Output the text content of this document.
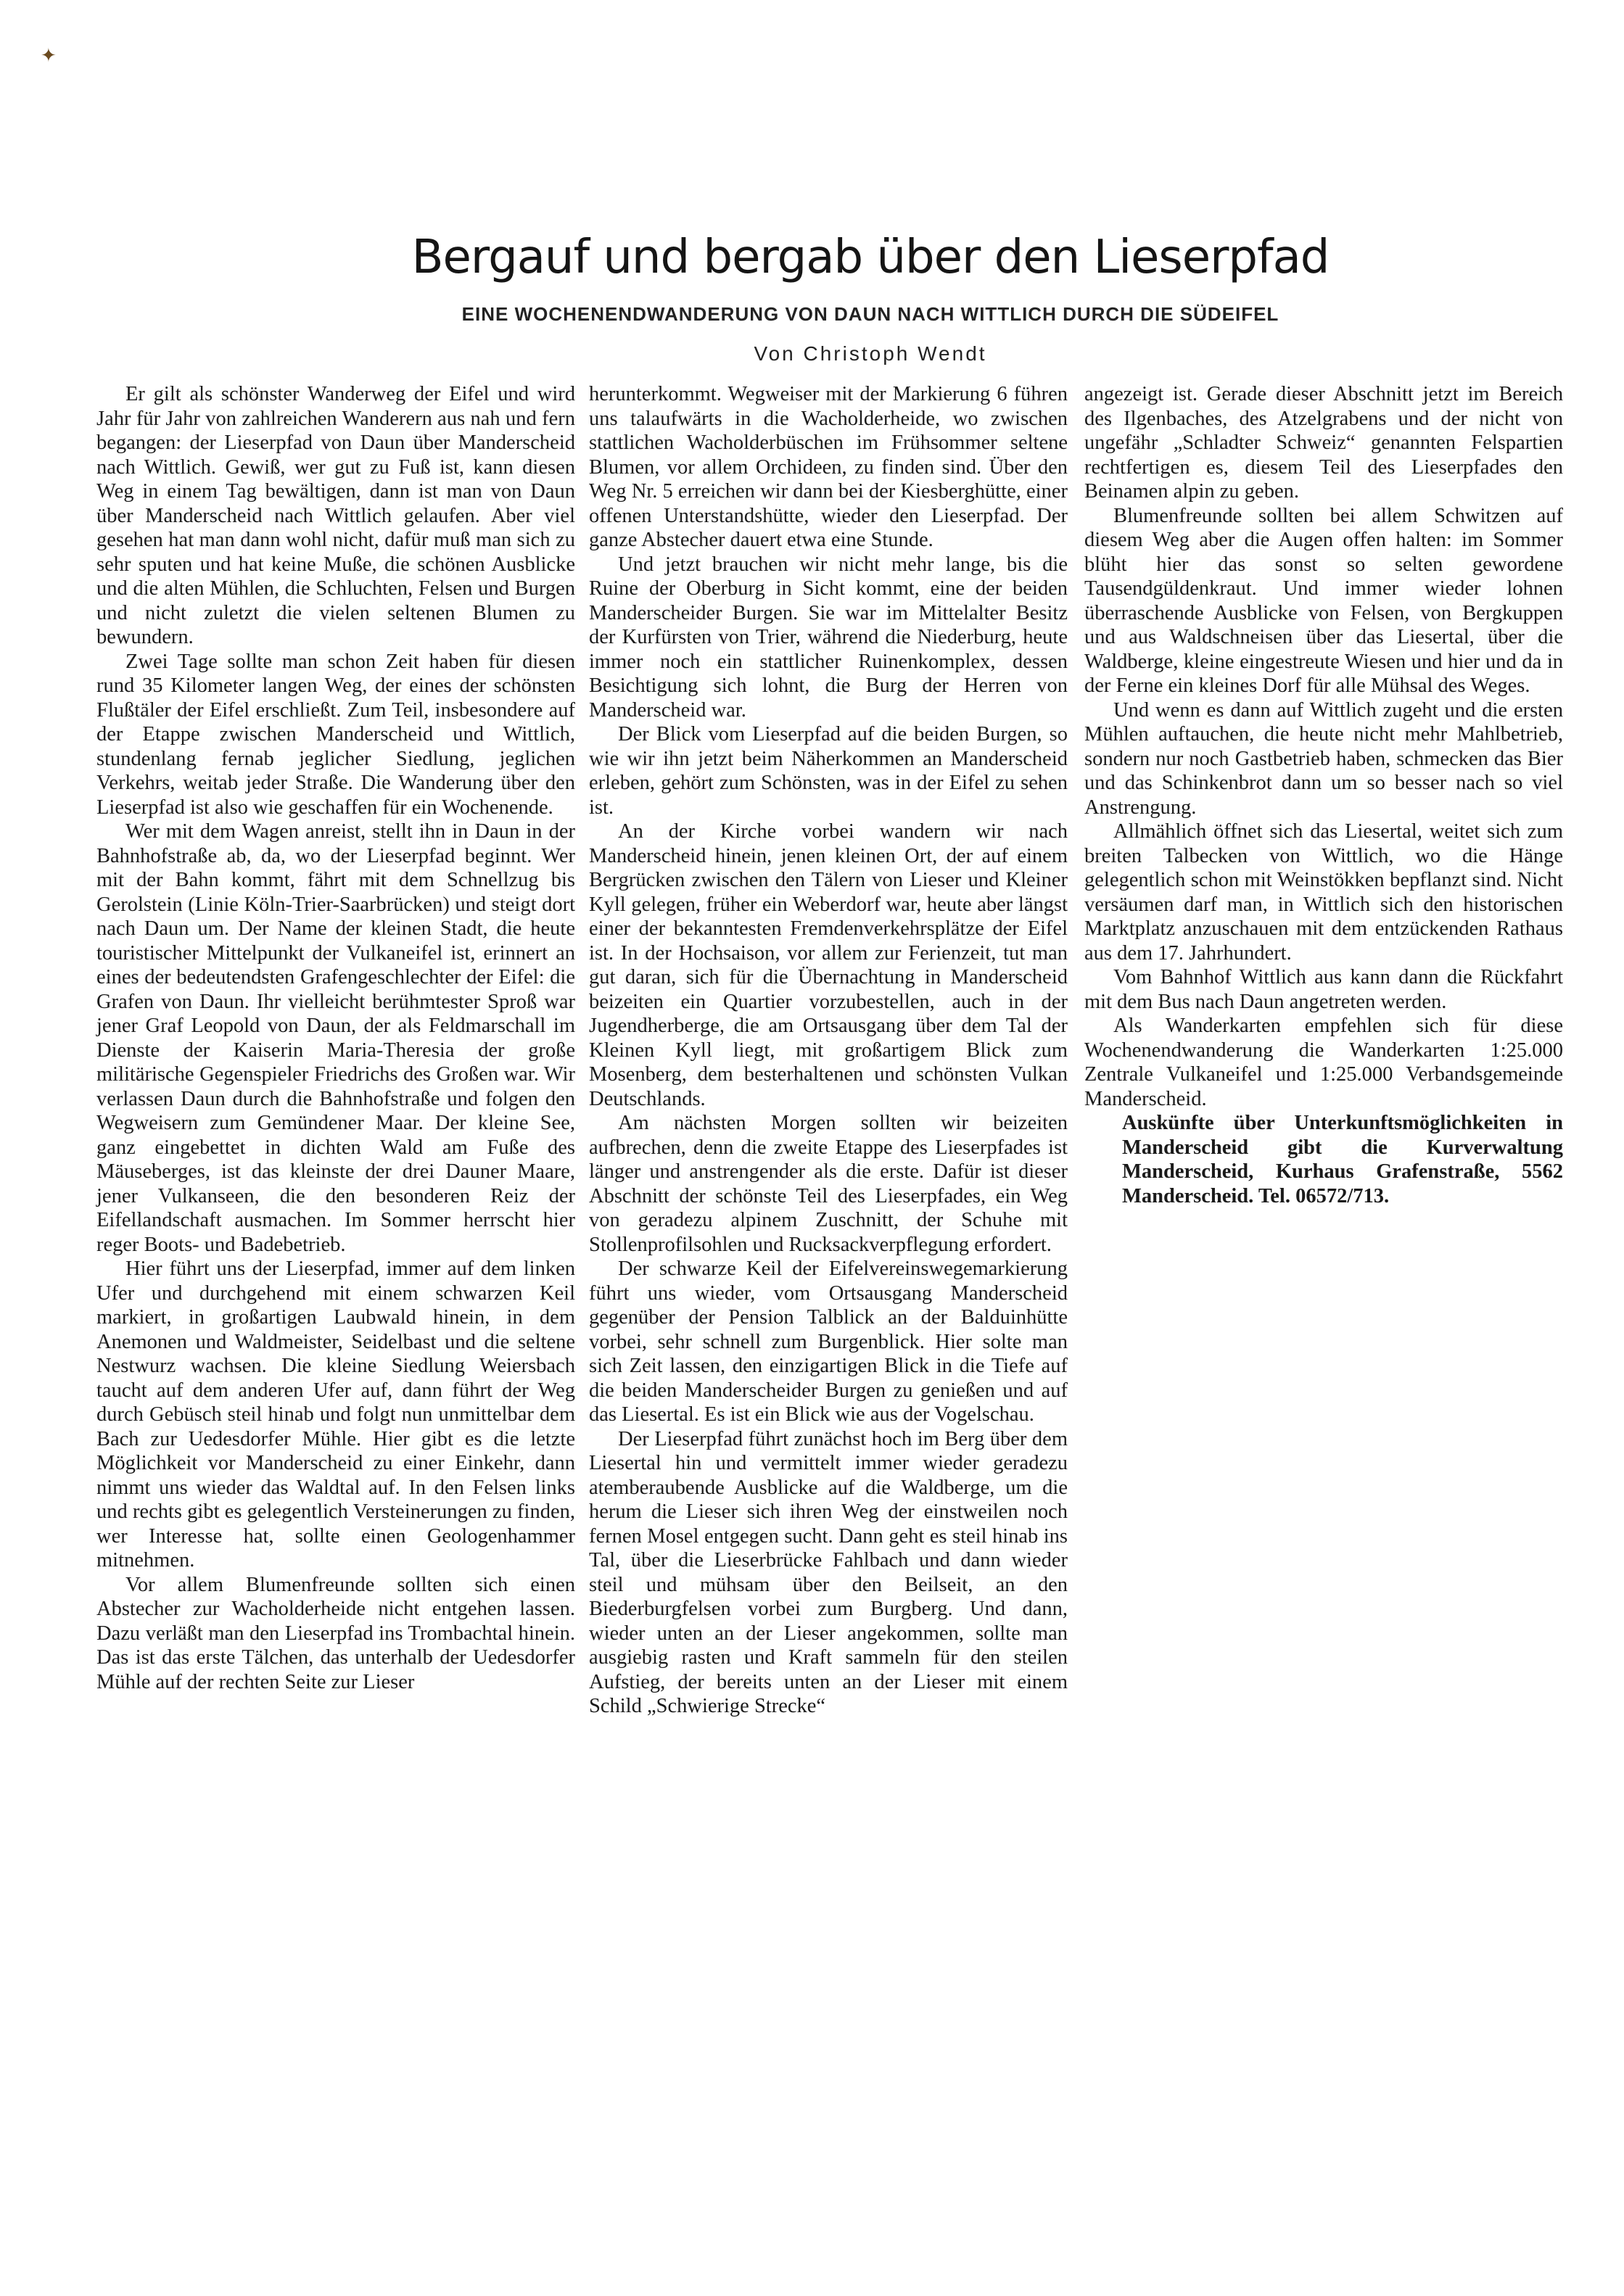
✦
Bergauf und bergab über den Lieserpfad
EINE WOCHENENDWANDERUNG VON DAUN NACH WITTLICH DURCH DIE SÜDEIFEL
Von Christoph Wendt

Er gilt als schönster Wanderweg der Eifel und wird Jahr für Jahr von zahlreichen Wanderern aus nah und fern begangen: der Lieserpfad von Daun über Manderscheid nach Wittlich. Gewiß, wer gut zu Fuß ist, kann diesen Weg in einem Tag bewältigen, dann ist man von Daun über Manderscheid nach Wittlich gelaufen. Aber viel gesehen hat man dann wohl nicht, dafür muß man sich zu sehr sputen und hat keine Muße, die schönen Ausblicke und die alten Mühlen, die Schluchten, Felsen und Burgen und nicht zuletzt die vielen seltenen Blumen zu bewundern.

Zwei Tage sollte man schon Zeit haben für diesen rund 35 Kilometer langen Weg, der eines der schönsten Flußtäler der Eifel erschließt. Zum Teil, insbesondere auf der Etappe zwischen Manderscheid und Wittlich, stundenlang fernab jeglicher Siedlung, jeglichen Verkehrs, weitab jeder Straße. Die Wanderung über den Lieserpfad ist also wie geschaffen für ein Wochenende.

Wer mit dem Wagen anreist, stellt ihn in Daun in der Bahnhofstraße ab, da, wo der Lieserpfad beginnt. Wer mit der Bahn kommt, fährt mit dem Schnellzug bis Gerolstein (Linie Köln-Trier-Saarbrücken) und steigt dort nach Daun um. Der Name der kleinen Stadt, die heute touristischer Mittelpunkt der Vulkaneifel ist, erinnert an eines der bedeutendsten Grafengeschlechter der Eifel: die Grafen von Daun. Ihr vielleicht berühmtester Sproß war jener Graf Leopold von Daun, der als Feldmarschall im Dienste der Kaiserin Maria-Theresia der große militärische Gegenspieler Friedrichs des Großen war. Wir verlassen Daun durch die Bahnhofstraße und folgen den Wegweisern zum Gemündener Maar. Der kleine See, ganz eingebettet in dichten Wald am Fuße des Mäuseberges, ist das kleinste der drei Dauner Maare, jener Vulkanseen, die den besonderen Reiz der Eifellandschaft ausmachen. Im Sommer herrscht hier reger Boots- und Badebetrieb.

Hier führt uns der Lieserpfad, immer auf dem linken Ufer und durchgehend mit einem schwarzen Keil markiert, in großartigen Laubwald hinein, in dem Anemonen und Waldmeister, Seidelbast und die seltene Nestwurz wachsen. Die kleine Siedlung Weiersbach taucht auf dem anderen Ufer auf, dann führt der Weg durch Gebüsch steil hinab und folgt nun unmittelbar dem Bach zur Uedesdorfer Mühle. Hier gibt es die letzte Möglichkeit vor Manderscheid zu einer Einkehr, dann nimmt uns wieder das Waldtal auf. In den Felsen links und rechts gibt es gelegentlich Versteinerungen zu finden, wer Interesse hat, sollte einen Geologenhammer mitnehmen.

Vor allem Blumenfreunde sollten sich einen Abstecher zur Wacholderheide nicht entgehen lassen. Dazu verläßt man den Lieserpfad ins Trombachtal hinein. Das ist das erste Tälchen, das unterhalb der Uedesdorfer Mühle auf der rechten Seite zur Lieser

herunterkommt. Wegweiser mit der Markierung 6 führen uns talaufwärts in die Wacholderheide, wo zwischen stattlichen Wacholderbüschen im Frühsommer seltene Blumen, vor allem Orchideen, zu finden sind. Über den Weg Nr. 5 erreichen wir dann bei der Kiesberghütte, einer offenen Unterstandshütte, wieder den Lieserpfad. Der ganze Abstecher dauert etwa eine Stunde.

Und jetzt brauchen wir nicht mehr lange, bis die Ruine der Oberburg in Sicht kommt, eine der beiden Manderscheider Burgen. Sie war im Mittelalter Besitz der Kurfürsten von Trier, während die Niederburg, heute immer noch ein stattlicher Ruinenkomplex, dessen Besichtigung sich lohnt, die Burg der Herren von Manderscheid war.

Der Blick vom Lieserpfad auf die beiden Burgen, so wie wir ihn jetzt beim Näherkommen an Manderscheid erleben, gehört zum Schönsten, was in der Eifel zu sehen ist.

An der Kirche vorbei wandern wir nach Manderscheid hinein, jenen kleinen Ort, der auf einem Bergrücken zwischen den Tälern von Lieser und Kleiner Kyll gelegen, früher ein Weberdorf war, heute aber längst einer der bekanntesten Fremdenverkehrsplätze der Eifel ist. In der Hochsaison, vor allem zur Ferienzeit, tut man gut daran, sich für die Übernachtung in Manderscheid beizeiten ein Quartier vorzubestellen, auch in der Jugendherberge, die am Ortsausgang über dem Tal der Kleinen Kyll liegt, mit großartigem Blick zum Mosenberg, dem besterhaltenen und schönsten Vulkan Deutschlands.

Am nächsten Morgen sollten wir beizeiten aufbrechen, denn die zweite Etappe des Lieserpfades ist länger und anstrengender als die erste. Dafür ist dieser Abschnitt der schönste Teil des Lieserpfades, ein Weg von geradezu alpinem Zuschnitt, der Schuhe mit Stollenprofilsohlen und Rucksackverpflegung erfordert.

Der schwarze Keil der Eifelvereinswegemarkierung führt uns wieder, vom Ortsausgang Manderscheid gegenüber der Pension Talblick an der Balduinhütte vorbei, sehr schnell zum Burgenblick. Hier solte man sich Zeit lassen, den einzigartigen Blick in die Tiefe auf die beiden Manderscheider Burgen zu genießen und auf das Liesertal. Es ist ein Blick wie aus der Vogelschau.

Der Lieserpfad führt zunächst hoch im Berg über dem Liesertal hin und vermittelt immer wieder geradezu atemberaubende Ausblicke auf die Waldberge, um die herum die Lieser sich ihren Weg der einstweilen noch fernen Mosel entgegen sucht. Dann geht es steil hinab ins Tal, über die Lieserbrücke Fahlbach und dann wieder steil und mühsam über den Beilseit, an den Biederburgfelsen vorbei zum Burgberg. Und dann, wieder unten an der Lieser angekommen, sollte man ausgiebig rasten und Kraft sammeln für den steilen Aufstieg, der bereits unten an der Lieser mit einem Schild „Schwierige Strecke“

angezeigt ist. Gerade dieser Abschnitt jetzt im Bereich des Ilgenbaches, des Atzelgrabens und der nicht von ungefähr „Schladter Schweiz“ genannten Felspartien rechtfertigen es, diesem Teil des Lieserpfades den Beinamen alpin zu geben.

Blumenfreunde sollten bei allem Schwitzen auf diesem Weg aber die Augen offen halten: im Sommer blüht hier das sonst so selten gewordene Tausendgüldenkraut. Und immer wieder lohnen überraschende Ausblicke von Felsen, von Bergkuppen und aus Waldschneisen über das Liesertal, über die Waldberge, kleine eingestreute Wiesen und hier und da in der Ferne ein kleines Dorf für alle Mühsal des Weges.

Und wenn es dann auf Wittlich zugeht und die ersten Mühlen auftauchen, die heute nicht mehr Mahlbetrieb, sondern nur noch Gastbetrieb haben, schmecken das Bier und das Schinkenbrot dann um so besser nach so viel Anstrengung.

Allmählich öffnet sich das Liesertal, weitet sich zum breiten Talbecken von Wittlich, wo die Hänge gelegentlich schon mit Weinstökken bepflanzt sind. Nicht versäumen darf man, in Wittlich sich den historischen Marktplatz anzuschauen mit dem entzückenden Rathaus aus dem 17. Jahrhundert.

Vom Bahnhof Wittlich aus kann dann die Rückfahrt mit dem Bus nach Daun angetreten werden.

Als Wanderkarten empfehlen sich für diese Wochenendwanderung die Wanderkarten 1:25.000 Zentrale Vulkaneifel und 1:25.000 Verbandsgemeinde Manderscheid.

Auskünfte über Unterkunftsmöglichkeiten in Manderscheid gibt die Kurverwaltung Manderscheid, Kurhaus Grafenstraße, 5562 Manderscheid. Tel. 06572/713.
